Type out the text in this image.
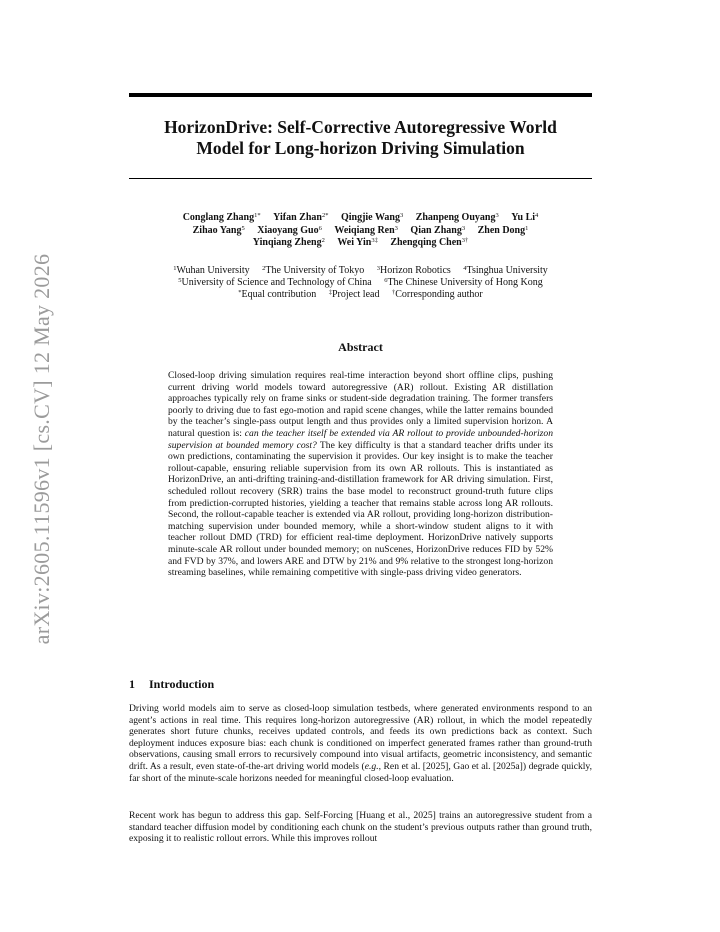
arXiv:2605.11596v1 [cs.CV] 12 May 2026
HorizonDrive: Self-Corrective Autoregressive World
Model for Long-horizon Driving Simulation
Conglang Zhang$^{1*}$ Yifan Zhan$^{2*}$ Qingjie Wang$^3$ Zhanpeng Ouyang$^3$ Yu Li$^4$
Zihao Yang$^5$ Xiaoyang Guo$^6$ Weiqiang Ren$^3$ Qian Zhang$^3$ Zhen Dong$^1$
Yinqiang Zheng$^2$ Wei Yin$^{3\ddagger}$ Zhengqing Chen$^{3\dagger}$
$^1$Wuhan University $^2$The University of Tokyo $^3$Horizon Robotics $^4$Tsinghua University
$^5$University of Science and Technology of China $^6$The Chinese University of Hong Kong
*Equal contribution ‡Project lead †Corresponding author
Abstract
Closed-loop driving simulation requires real-time interaction beyond short offline clips, pushing current driving world models toward autoregressive (AR) rollout. Existing AR distillation approaches typically rely on frame sinks or student-side degradation training. The former transfers poorly to driving due to fast ego-motion and rapid scene changes, while the latter remains bounded by the teacher’s single-pass output length and thus provides only a limited supervision horizon. A natural question is: can the teacher itself be extended via AR rollout to provide unbounded-horizon supervision at bounded memory cost? The key difficulty is that a standard teacher drifts under its own predictions, contaminating the supervision it provides. Our key insight is to make the teacher rollout-capable, ensuring reliable supervision from its own AR rollouts. This is instantiated as HorizonDrive, an anti-drifting training-and-distillation framework for AR driving simulation. First, scheduled rollout recovery (SRR) trains the base model to reconstruct ground-truth future clips from prediction-corrupted histories, yielding a teacher that remains stable across long AR rollouts. Second, the rollout-capable teacher is extended via AR rollout, providing long-horizon distribution-matching supervision under bounded memory, while a short-window student aligns to it with teacher rollout DMD (TRD) for efficient real-time deployment. HorizonDrive natively supports minute-scale AR rollout under bounded memory; on nuScenes, HorizonDrive reduces FID by 52% and FVD by 37%, and lowers ARE and DTW by 21% and 9% relative to the strongest long-horizon streaming baselines, while remaining competitive with single-pass driving video generators.
1 Introduction
Driving world models aim to serve as closed-loop simulation testbeds, where generated environments respond to an agent’s actions in real time. This requires long-horizon autoregressive (AR) rollout, in which the model repeatedly generates short future chunks, receives updated controls, and feeds its own predictions back as context. Such deployment induces exposure bias: each chunk is conditioned on imperfect generated frames rather than ground-truth observations, causing small errors to recursively compound into visual artifacts, geometric inconsistency, and semantic drift. As a result, even state-of-the-art driving world models (e.g., Ren et al. [2025], Gao et al. [2025a]) degrade quickly, far short of the minute-scale horizons needed for meaningful closed-loop evaluation.
Recent work has begun to address this gap. Self-Forcing [Huang et al., 2025] trains an autoregressive student from a standard teacher diffusion model by conditioning each chunk on the student’s previous outputs rather than ground truth, exposing it to realistic rollout errors. While this improves rollout
